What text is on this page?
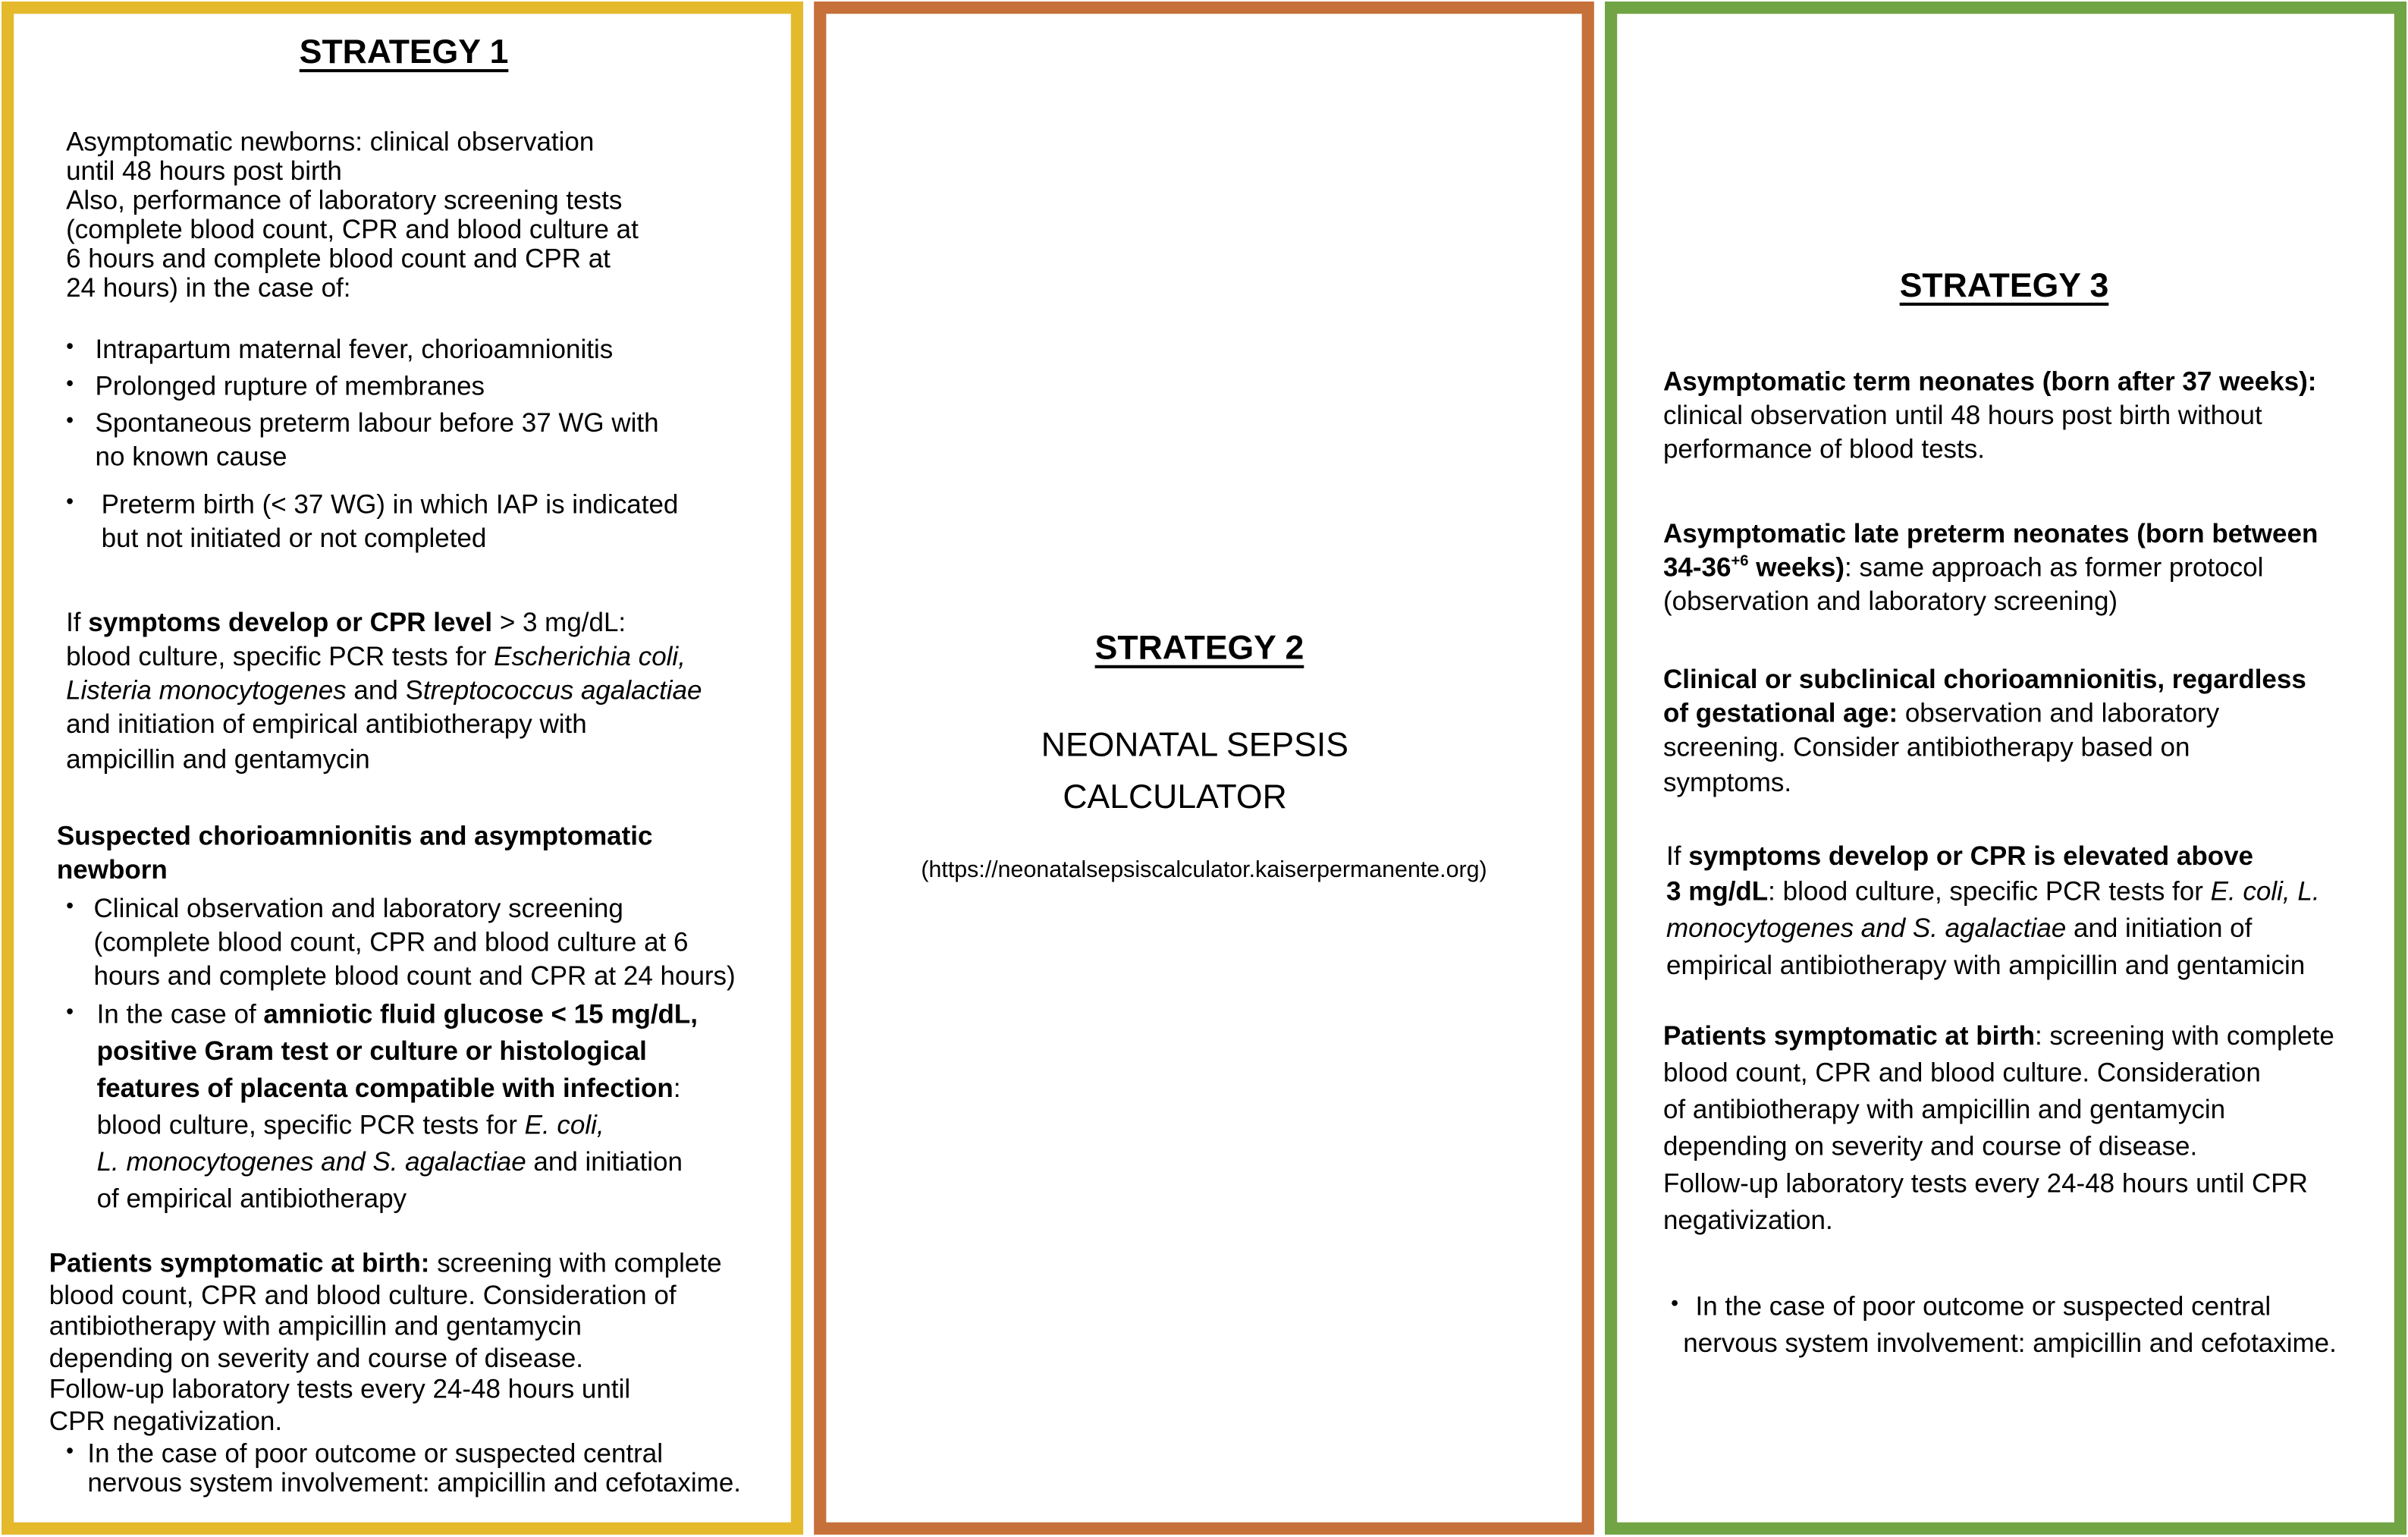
STRATEGY 1
STRATEGY 2
STRATEGY 3
NEONATAL SEPSIS
CALCULATOR
(https://neonatalsepsiscalculator.kaiserpermanente.org)
Asymptomatic newborns: clinical observation
until 48 hours post birth
Also, performance of laboratory screening tests
(complete blood count, CPR and blood culture at
6 hours and complete blood count and CPR at
24 hours) in the case of:
Intrapartum maternal fever, chorioamnionitis
•
Prolonged rupture of membranes
•
Spontaneous preterm labour before 37 WG with
•
no known cause
Preterm birth (< 37 WG) in which IAP is indicated
•
but not initiated or not completed
If symptoms develop or CPR level > 3 mg/dL:
blood culture, specific PCR tests for Escherichia coli,
Listeria monocytogenes and Streptococcus agalactiae
and initiation of empirical antibiotherapy with
ampicillin and gentamycin
Suspected chorioamnionitis and asymptomatic
newborn
Clinical observation and laboratory screening
•
(complete blood count, CPR and blood culture at 6
hours and complete blood count and CPR at 24 hours)
In the case of amniotic fluid glucose < 15 mg/dL,
•
positive Gram test or culture or histological
features of placenta compatible with infection:
blood culture, specific PCR tests for E. coli,
L. monocytogenes and S. agalactiae and initiation
of empirical antibiotherapy
Patients symptomatic at birth: screening with complete
blood count, CPR and blood culture. Consideration of
antibiotherapy with ampicillin and gentamycin
depending on severity and course of disease.
Follow-up laboratory tests every 24-48 hours until
CPR negativization.
In the case of poor outcome or suspected central
•
nervous system involvement: ampicillin and cefotaxime.
Asymptomatic term neonates (born after 37 weeks):
clinical observation until 48 hours post birth without
performance of blood tests.
Asymptomatic late preterm neonates (born between
$34-36^{+6}$ weeks): same approach as former protocol
(observation and laboratory screening)
Clinical or subclinical chorioamnionitis, regardless
of gestational age: observation and laboratory
screening. Consider antibiotherapy based on
symptoms.
If symptoms develop or CPR is elevated above
3 mg/dL: blood culture, specific PCR tests for E. coli, L.
monocytogenes and S. agalactiae and initiation of
empirical antibiotherapy with ampicillin and gentamicin
Patients symptomatic at birth: screening with complete
blood count, CPR and blood culture. Consideration
of antibiotherapy with ampicillin and gentamycin
depending on severity and course of disease.
Follow-up laboratory tests every 24-48 hours until CPR
negativization.
In the case of poor outcome or suspected central
•
nervous system involvement: ampicillin and cefotaxime.
